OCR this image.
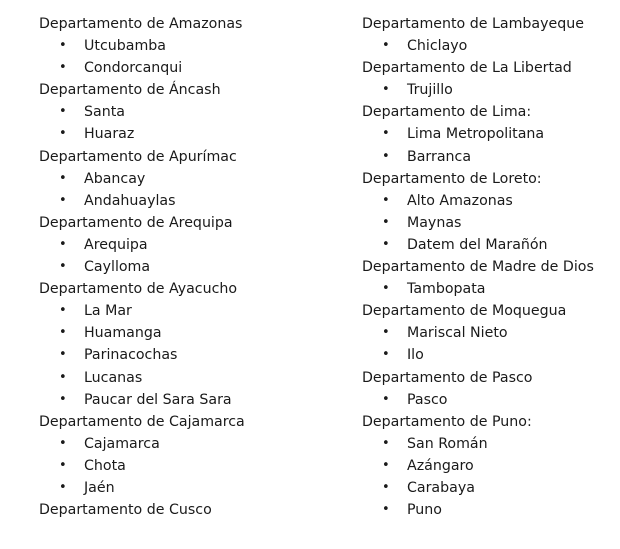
Departamento de Amazonas
• Utcubamba
• Condorcanqui
Departamento de Áncash
• Santa
• Huaraz
Departamento de Apurímac
• Abancay
• Andahuaylas
Departamento de Arequipa
• Arequipa
• Caylloma
Departamento de Ayacucho
• La Mar
• Huamanga
• Parinacochas
• Lucanas
• Paucar del Sara Sara
Departamento de Cajamarca
• Cajamarca
• Chota
• Jaén
Departamento de Cusco
Departamento de Lambayeque
• Chiclayo
Departamento de La Libertad
• Trujillo
Departamento de Lima:
• Lima Metropolitana
• Barranca
Departamento de Loreto:
• Alto Amazonas
• Maynas
• Datem del Marañón
Departamento de Madre de Dios
• Tambopata
Departamento de Moquegua
• Mariscal Nieto
• Ilo
Departamento de Pasco
• Pasco
Departamento de Puno:
• San Román
• Azángaro
• Carabaya
• Puno
